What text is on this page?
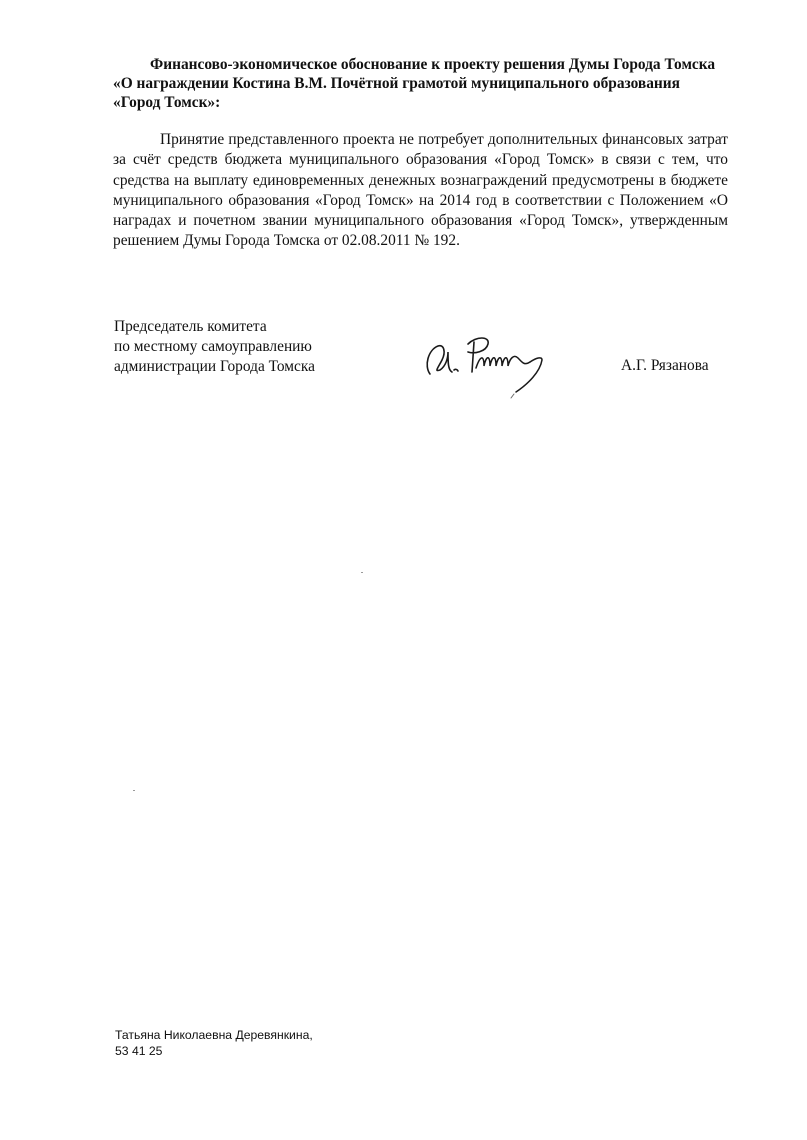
Финансово-экономическое обоснование к проекту решения Думы Города Томска «О награждении Костина В.М. Почётной грамотой муниципального образования «Город Томск»:

Принятие представленного проекта не потребует дополнительных финансовых затрат за счёт средств бюджета муниципального образования «Город Томск» в связи с тем, что средства на выплату единовременных денежных вознаграждений предусмотрены в бюджете муниципального образования «Город Томск» на 2014 год в соответствии с Положением «О наградах и почетном звании муниципального образования «Город Томск», утвержденным решением Думы Города Томска от 02.08.2011 № 192.

Председатель комитета
по местному самоуправлению
администрации Города Томска	А.Г. Рязанова
Татьяна Николаевна Деревянкина,
53 41 25
